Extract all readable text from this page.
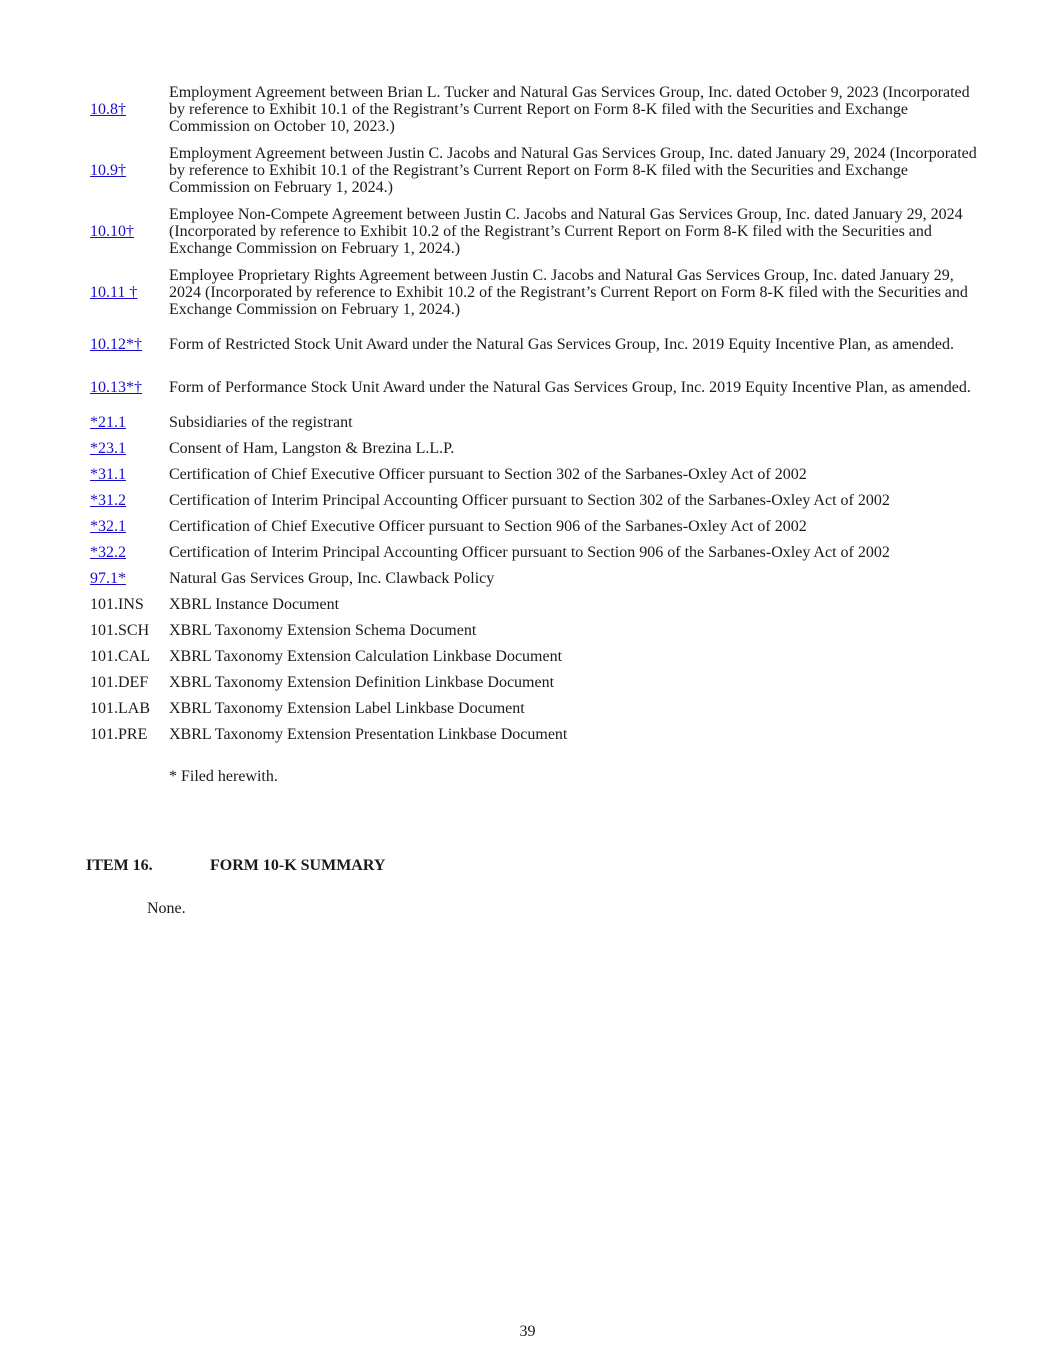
10.8†	Employment Agreement between Brian L. Tucker and Natural Gas Services Group, Inc. dated October 9, 2023 (Incorporated by reference to Exhibit 10.1 of the Registrant’s Current Report on Form 8-K filed with the Securities and Exchange Commission on October 10, 2023.)
10.9†	Employment Agreement between Justin C. Jacobs and Natural Gas Services Group, Inc. dated January 29, 2024 (Incorporated by reference to Exhibit 10.1 of the Registrant’s Current Report on Form 8-K filed with the Securities and Exchange Commission on February 1, 2024.)
10.10†	Employee Non-Compete Agreement between Justin C. Jacobs and Natural Gas Services Group, Inc. dated January 29, 2024 (Incorporated by reference to Exhibit 10.2 of the Registrant’s Current Report on Form 8-K filed with the Securities and Exchange Commission on February 1, 2024.)
10.11 †	Employee Proprietary Rights Agreement between Justin C. Jacobs and Natural Gas Services Group, Inc. dated January 29, 2024 (Incorporated by reference to Exhibit 10.2 of the Registrant’s Current Report on Form 8-K filed with the Securities and Exchange Commission on February 1, 2024.)
10.12*†	Form of Restricted Stock Unit Award under the Natural Gas Services Group, Inc. 2019 Equity Incentive Plan, as amended.
10.13*†	Form of Performance Stock Unit Award under the Natural Gas Services Group, Inc. 2019 Equity Incentive Plan, as amended.
*21.1	Subsidiaries of the registrant
*23.1	Consent of Ham, Langston & Brezina L.L.P.
*31.1	Certification of Chief Executive Officer pursuant to Section 302 of the Sarbanes-Oxley Act of 2002
*31.2	Certification of Interim Principal Accounting Officer pursuant to Section 302 of the Sarbanes-Oxley Act of 2002
*32.1	Certification of Chief Executive Officer pursuant to Section 906 of the Sarbanes-Oxley Act of 2002
*32.2	Certification of Interim Principal Accounting Officer pursuant to Section 906 of the Sarbanes-Oxley Act of 2002
97.1*	Natural Gas Services Group, Inc. Clawback Policy
101.INS	XBRL Instance Document
101.SCH	XBRL Taxonomy Extension Schema Document
101.CAL	XBRL Taxonomy Extension Calculation Linkbase Document
101.DEF	XBRL Taxonomy Extension Definition Linkbase Document
101.LAB	XBRL Taxonomy Extension Label Linkbase Document
101.PRE	XBRL Taxonomy Extension Presentation Linkbase Document
* Filed herewith.
ITEM 16.	FORM 10-K SUMMARY
None.
39
